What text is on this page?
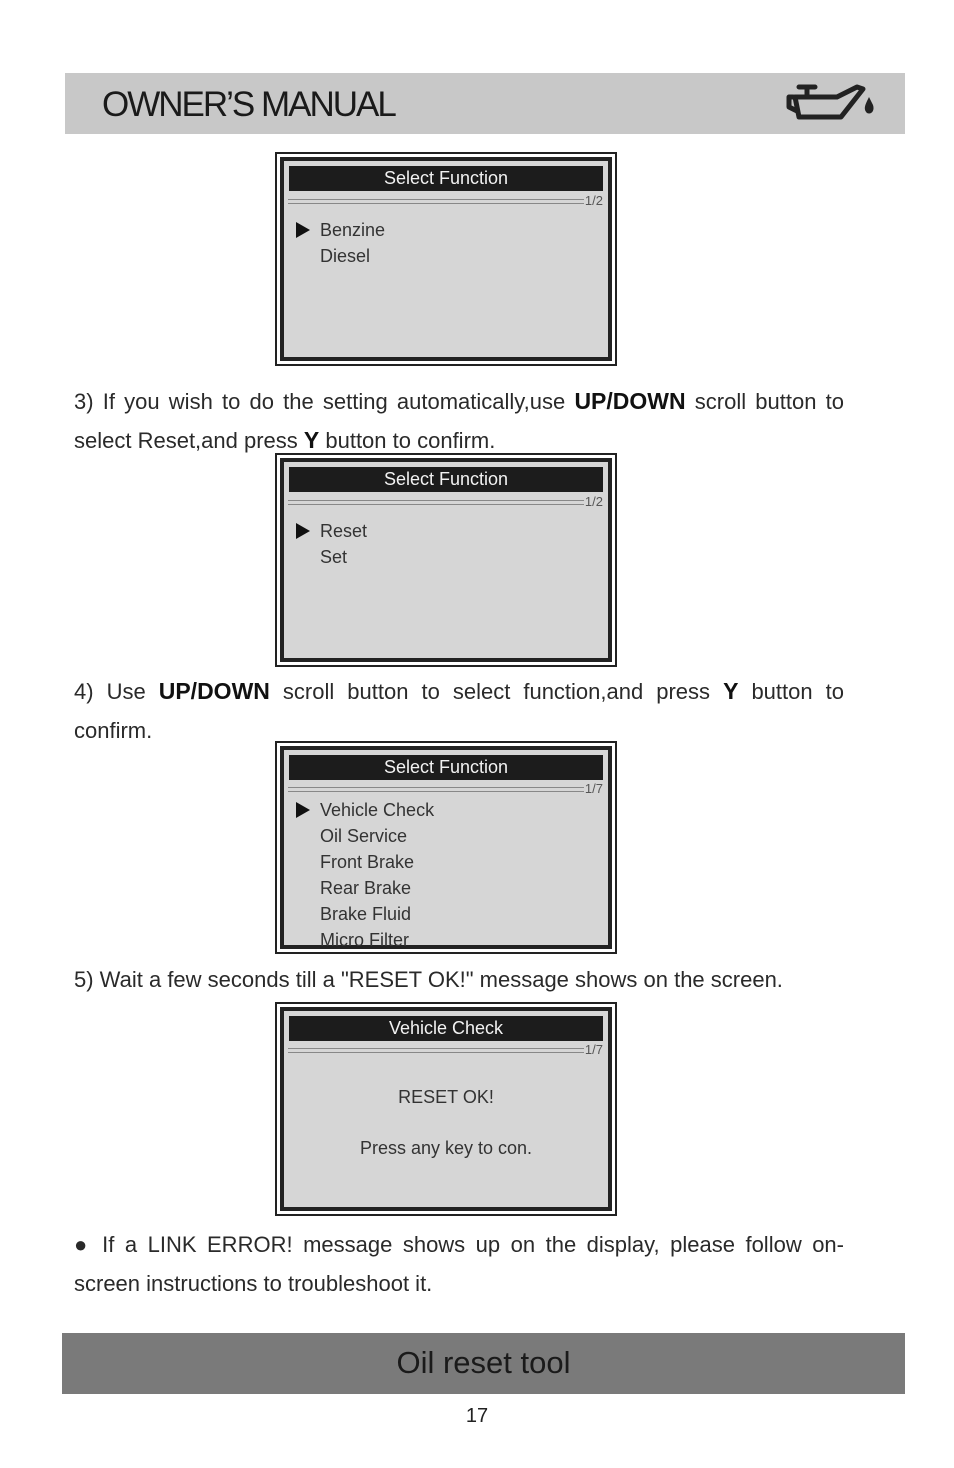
OWNER’S MANUAL
Select Function
1/2
Benzine
Diesel
3) If you wish to do the setting automatically,use UP/DOWN scroll button to select Reset,and press Y button to confirm.
Select Function
1/2
Reset
Set
4) Use UP/DOWN scroll button to select function,and press Y button to confirm.
Select Function
1/7
Vehicle Check
Oil Service
Front Brake
Rear Brake
Brake Fluid
Micro Filter
5) Wait a few seconds till a "RESET OK!" message shows on the screen.
Vehicle Check
1/7
RESET OK!
Press any key to con.
● If a LINK ERROR! message shows up on the display, please follow on-screen instructions to troubleshoot it.
Oil reset tool
17
